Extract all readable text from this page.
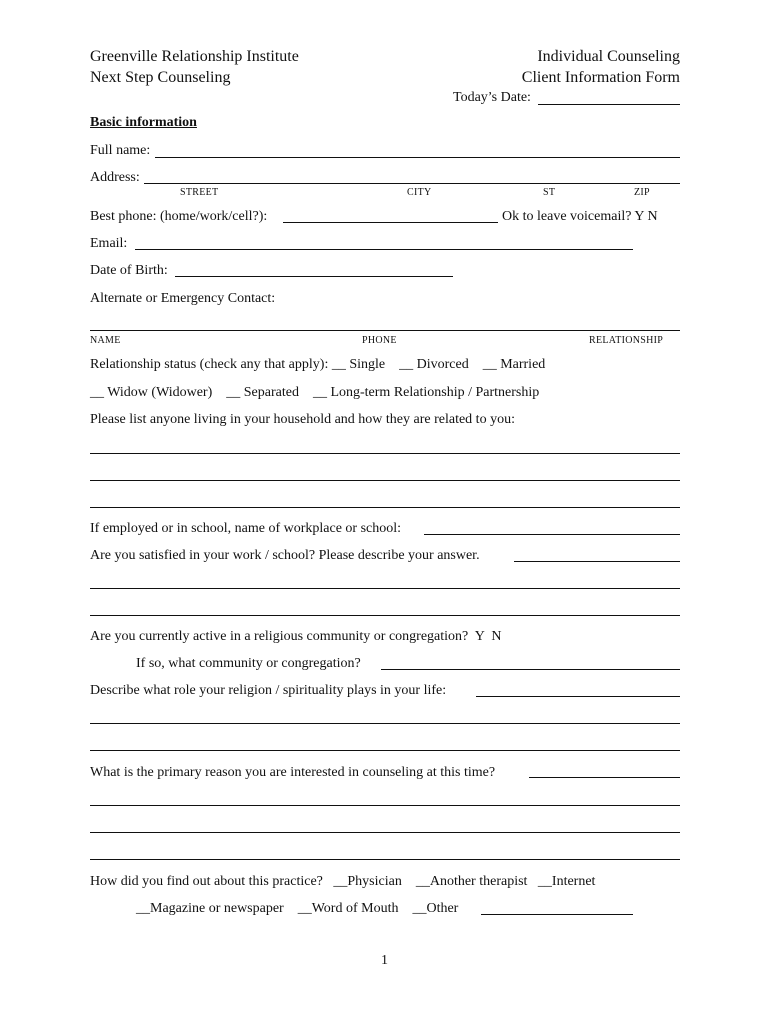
Greenville Relationship Institute
Next Step Counseling
Individual Counseling
Client Information Form
Today’s Date:
Basic information
Full name:
Address:
STREET	CITY	ST	ZIP
Best phone: (home/work/cell?):	Ok to leave voicemail? Y N
Email:
Date of Birth:
Alternate or Emergency Contact:
NAME	PHONE	RELATIONSHIP
Relationship status (check any that apply): __ Single    __ Divorced    __ Married
__ Widow (Widower)    __ Separated    __ Long-term Relationship / Partnership
Please list anyone living in your household and how they are related to you:
If employed or in school, name of workplace or school:
Are you satisfied in your work / school? Please describe your answer.
Are you currently active in a religious community or congregation?  Y  N
If so, what community or congregation?
Describe what role your religion / spirituality plays in your life:
What is the primary reason you are interested in counseling at this time?
How did you find out about this practice?   __Physician    __Another therapist   __Internet
__Magazine or newspaper    __Word of Mouth    __Other
1
